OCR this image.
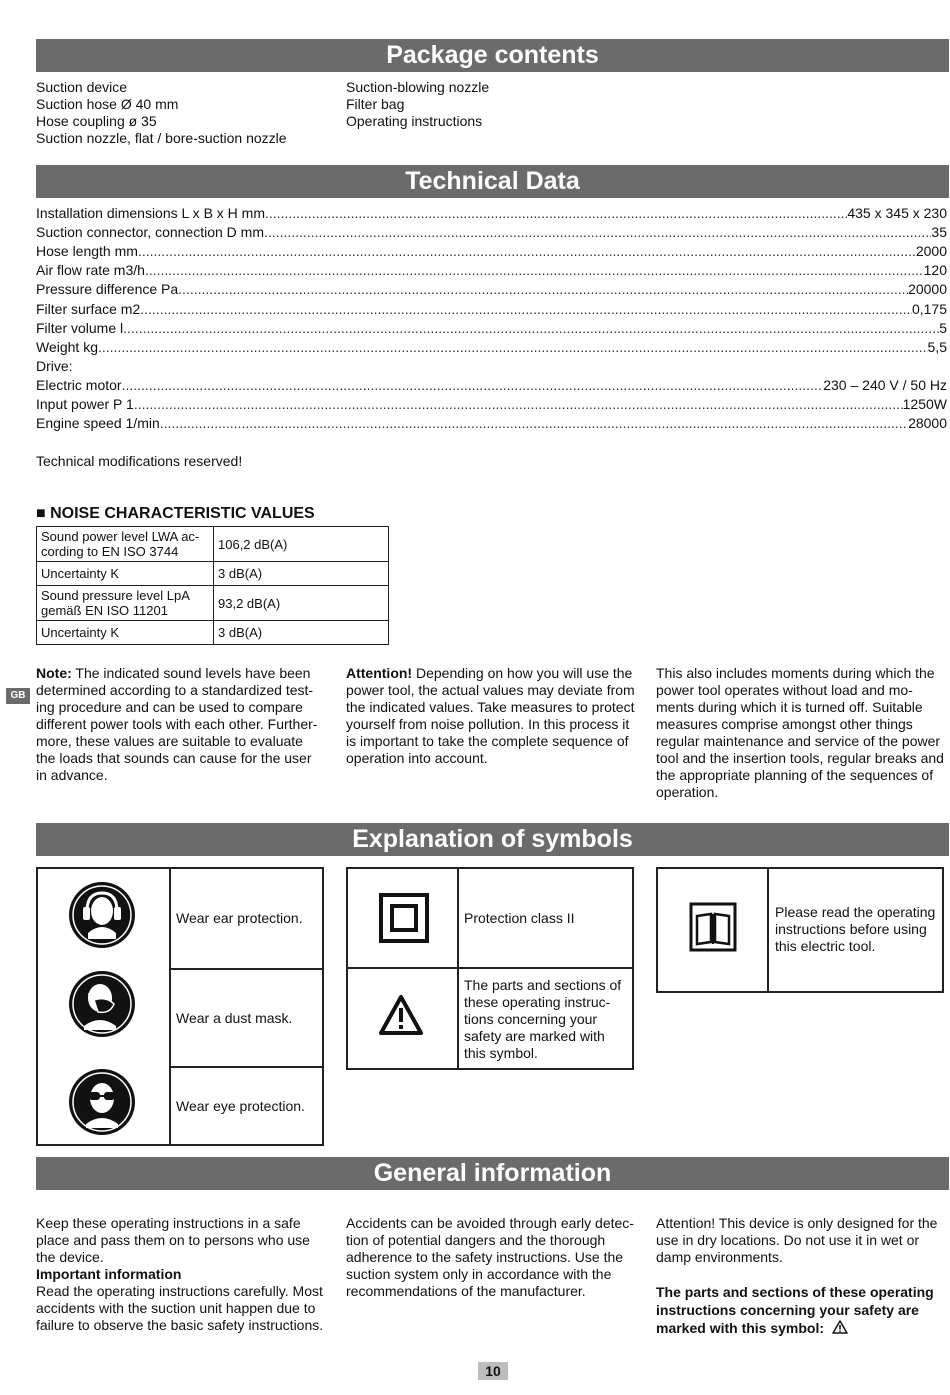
Package contents
Suction device
Suction hose Ø 40 mm
Hose coupling ø 35
Suction nozzle, flat / bore-suction nozzle
Suction-blowing nozzle
Filter bag
Operating instructions
Technical Data
Installation dimensions L x B x H mm .....	435 x 345 x 230
Suction connector, connection D mm .....	35
Hose length mm .....	2000
Air flow rate m3/h .....	120
Pressure difference Pa .....	20000
Filter surface m2 .....	0,175
Filter volume l .....	5
Weight kg .....	5,5
Drive:
Electric motor .....	230 – 240 V / 50 Hz
Input power P 1 .....	1250W
Engine speed 1/min .....	28000
Technical modifications reserved!
■ NOISE CHARACTERISTIC VALUES
Sound power level LWA ac-cording to EN ISO 3744	106,2 dB(A)
Uncertainty K	3 dB(A)
Sound pressure level LpA gemäß EN ISO 11201	93,2 dB(A)
Uncertainty K	3 dB(A)
GB
Note: The indicated sound levels have been determined according to a standardized test-ing procedure and can be used to compare different power tools with each other. Further-more, these values are suitable to evaluate the loads that sounds can cause for the user in advance.
Attention! Depending on how you will use the power tool, the actual values may deviate from the indicated values. Take measures to protect yourself from noise pollution. In this process it is important to take the complete sequence of operation into account.
This also includes moments during which the power tool operates without load and mo-ments during which it is turned off. Suitable measures comprise amongst other things regular maintenance and service of the power tool and the insertion tools, regular breaks and the appropriate planning of the sequences of operation.
Explanation of symbols
Wear ear protection.
Wear a dust mask.
Wear eye protection.
Protection class II
The parts and sections of these operating instruc-tions concerning your safety are marked with this symbol.
Please read the operating instructions before using this electric tool.
General information
Keep these operating instructions in a safe place and pass them on to persons who use the device.
Important information
Read the operating instructions carefully. Most accidents with the suction unit happen due to failure to observe the basic safety instructions.
Accidents can be avoided through early detec-tion of potential dangers and the thorough adherence to the safety instructions. Use the suction system only in accordance with the recommendations of the manufacturer.
Attention! This device is only designed for the use in dry locations. Do not use it in wet or damp environments.
The parts and sections of these operating instructions concerning your safety are marked with this symbol:
10
